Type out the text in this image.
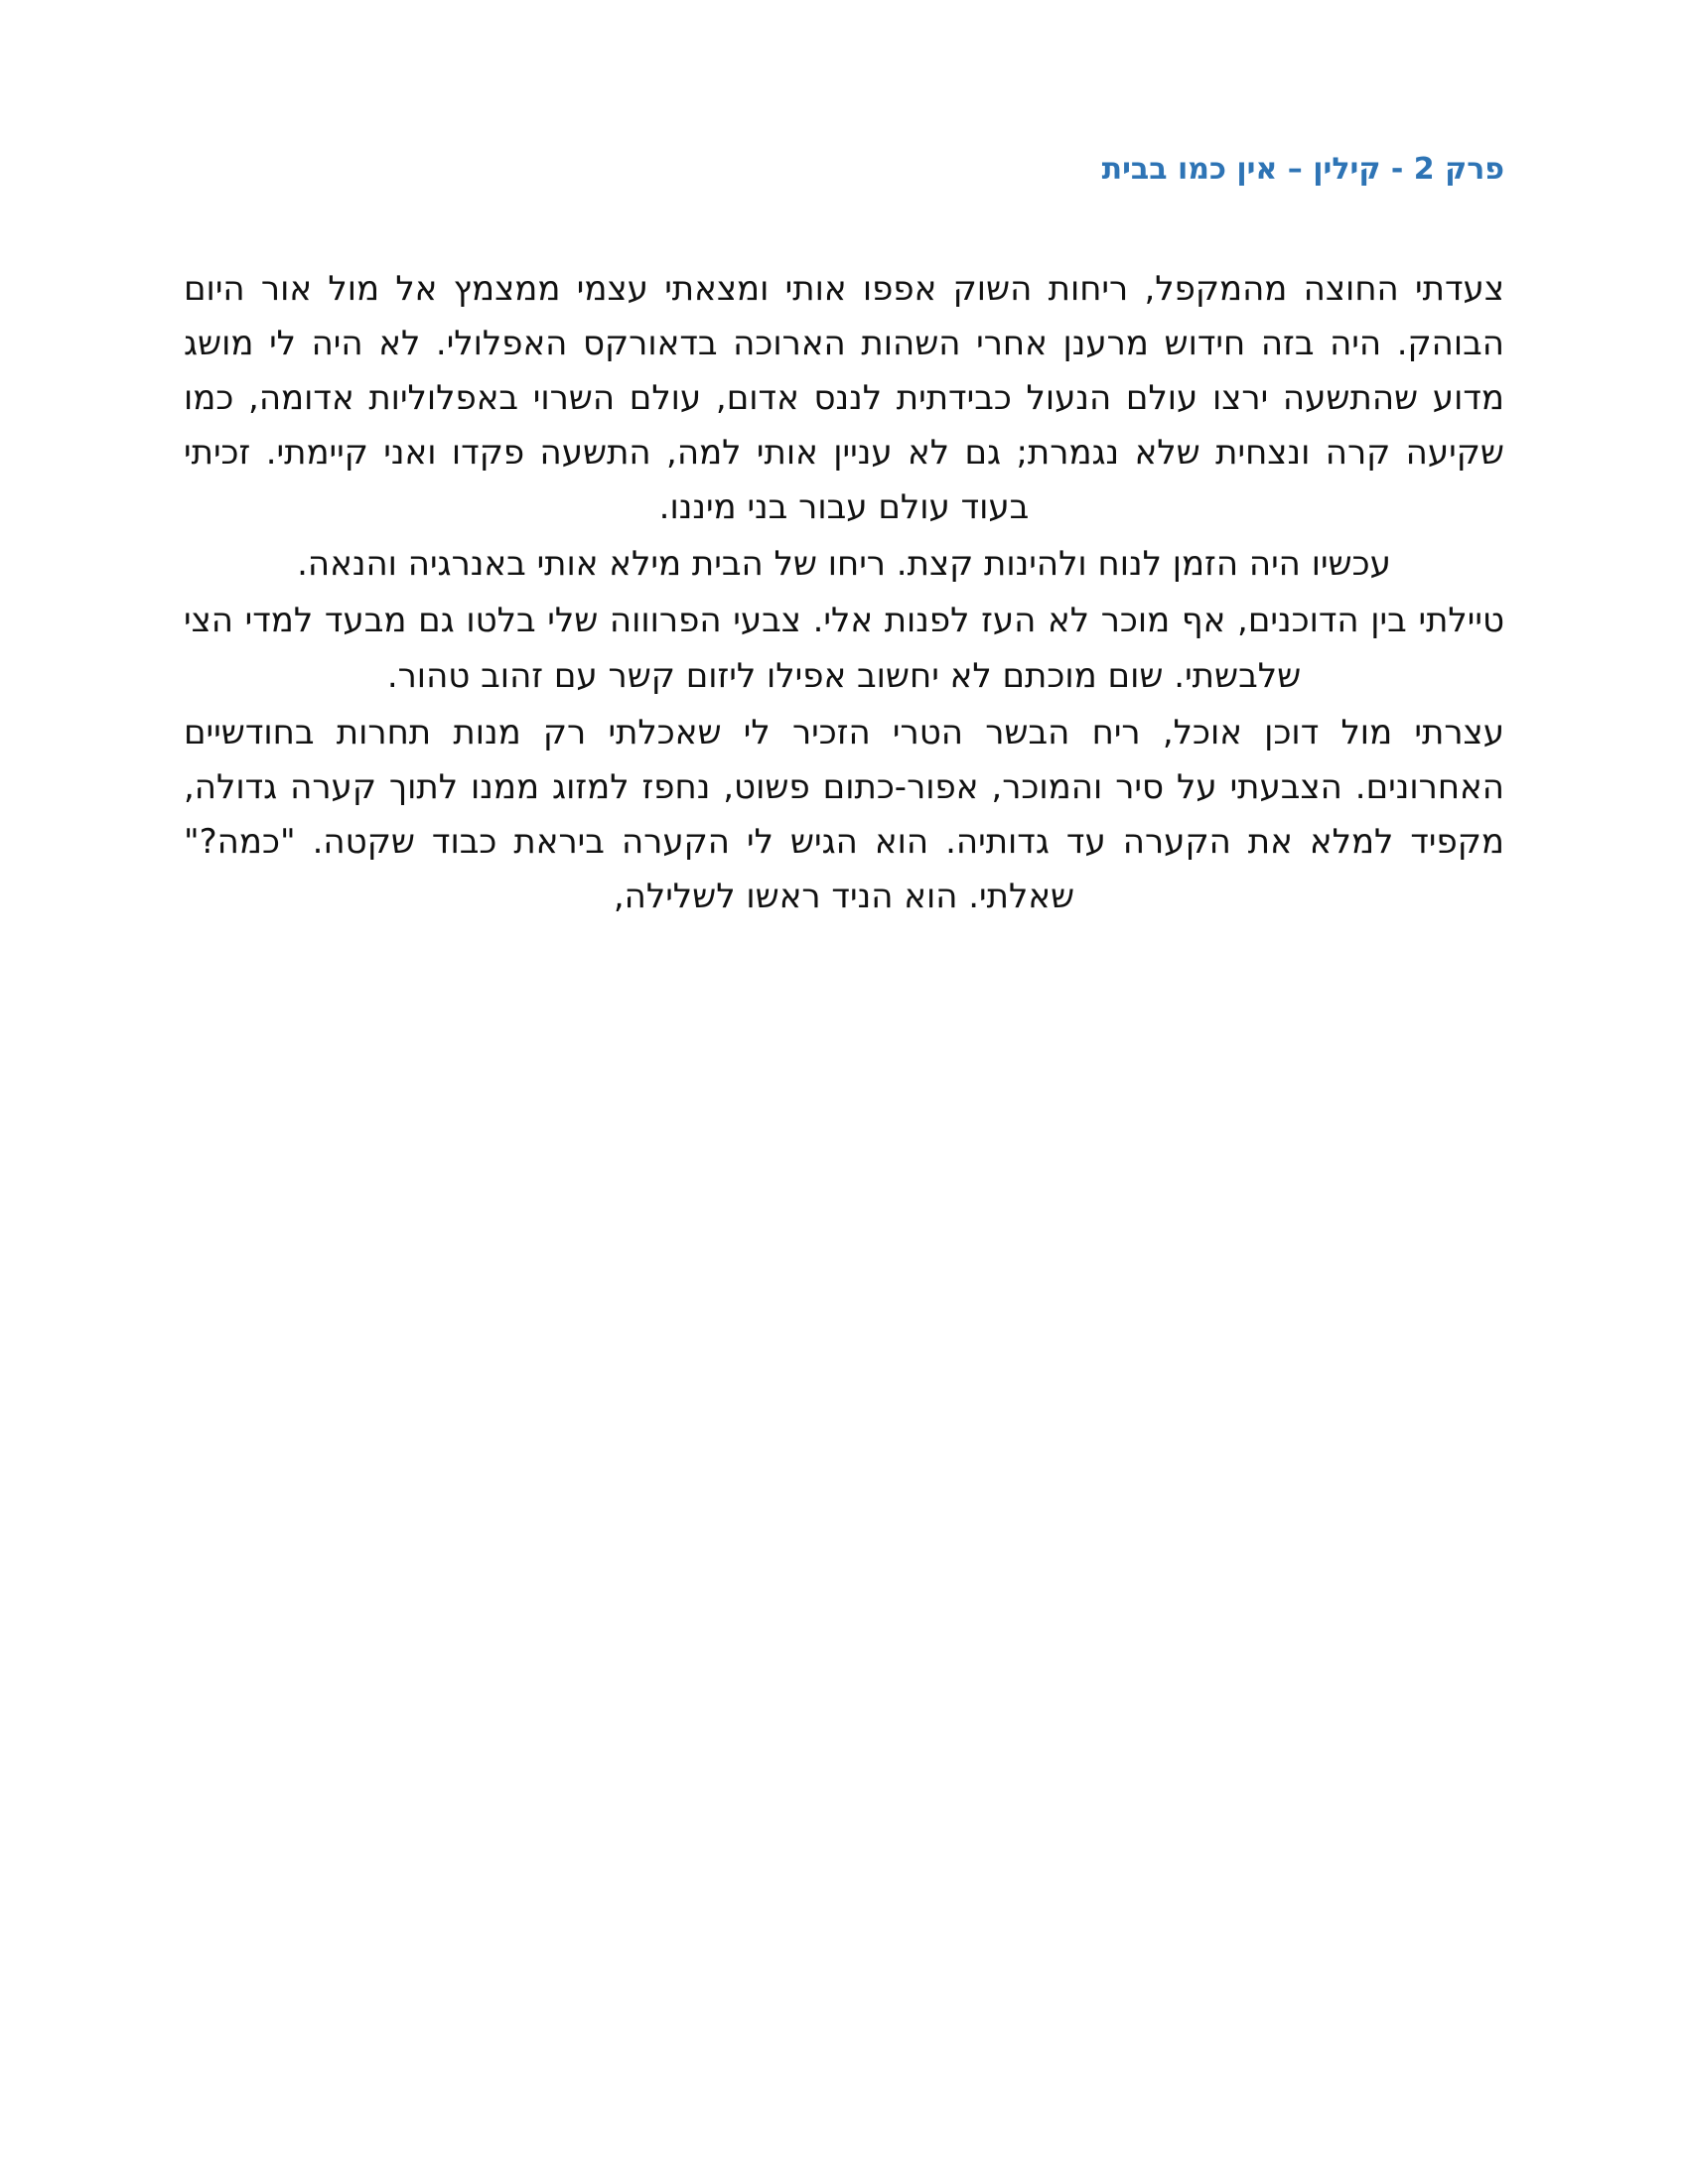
פרק 2 - קילין – אין כמו בבית

צעדתי החוצה מהמקפל, ריחות השוק אפפו אותי ומצאתי עצמי ממצמץ אל מול אור היום הבוהק. היה בזה חידוש מרענן אחרי השהות הארוכה בדאורקס האפלולי. לא היה לי מושג מדוע שהתשעה ירצו עולם הנעול כבידתית לננס אדום, עולם השרוי באפלוליות אדומה, כמו שקיעה קרה ונצחית שלא נגמרת; גם לא עניין אותי למה, התשעה פקדו ואני קיימתי. זכיתי בעוד עולם עבור בני מיננו.

עכשיו היה הזמן לנוח ולהינות קצת. ריחו של הבית מילא אותי באנרגיה והנאה.

טיילתי בין הדוכנים, אף מוכר לא העז לפנות אלי. צבעי הפרוווה שלי בלטו גם מבעד למדי הצי שלבשתי. שום מוכתם לא יחשוב אפילו ליזום קשר עם זהוב טהור.

עצרתי מול דוכן אוכל, ריח הבשר הטרי הזכיר לי שאכלתי רק מנות תחרות בחודשיים האחרונים. הצבעתי על סיר והמוכר, אפור-כתום פשוט, נחפז למזוג ממנו לתוך קערה גדולה, מקפיד למלא את הקערה עד גדותיה. הוא הגיש לי הקערה ביראת כבוד שקטה. "כמה?" שאלתי. הוא הניד ראשו לשלילה,
